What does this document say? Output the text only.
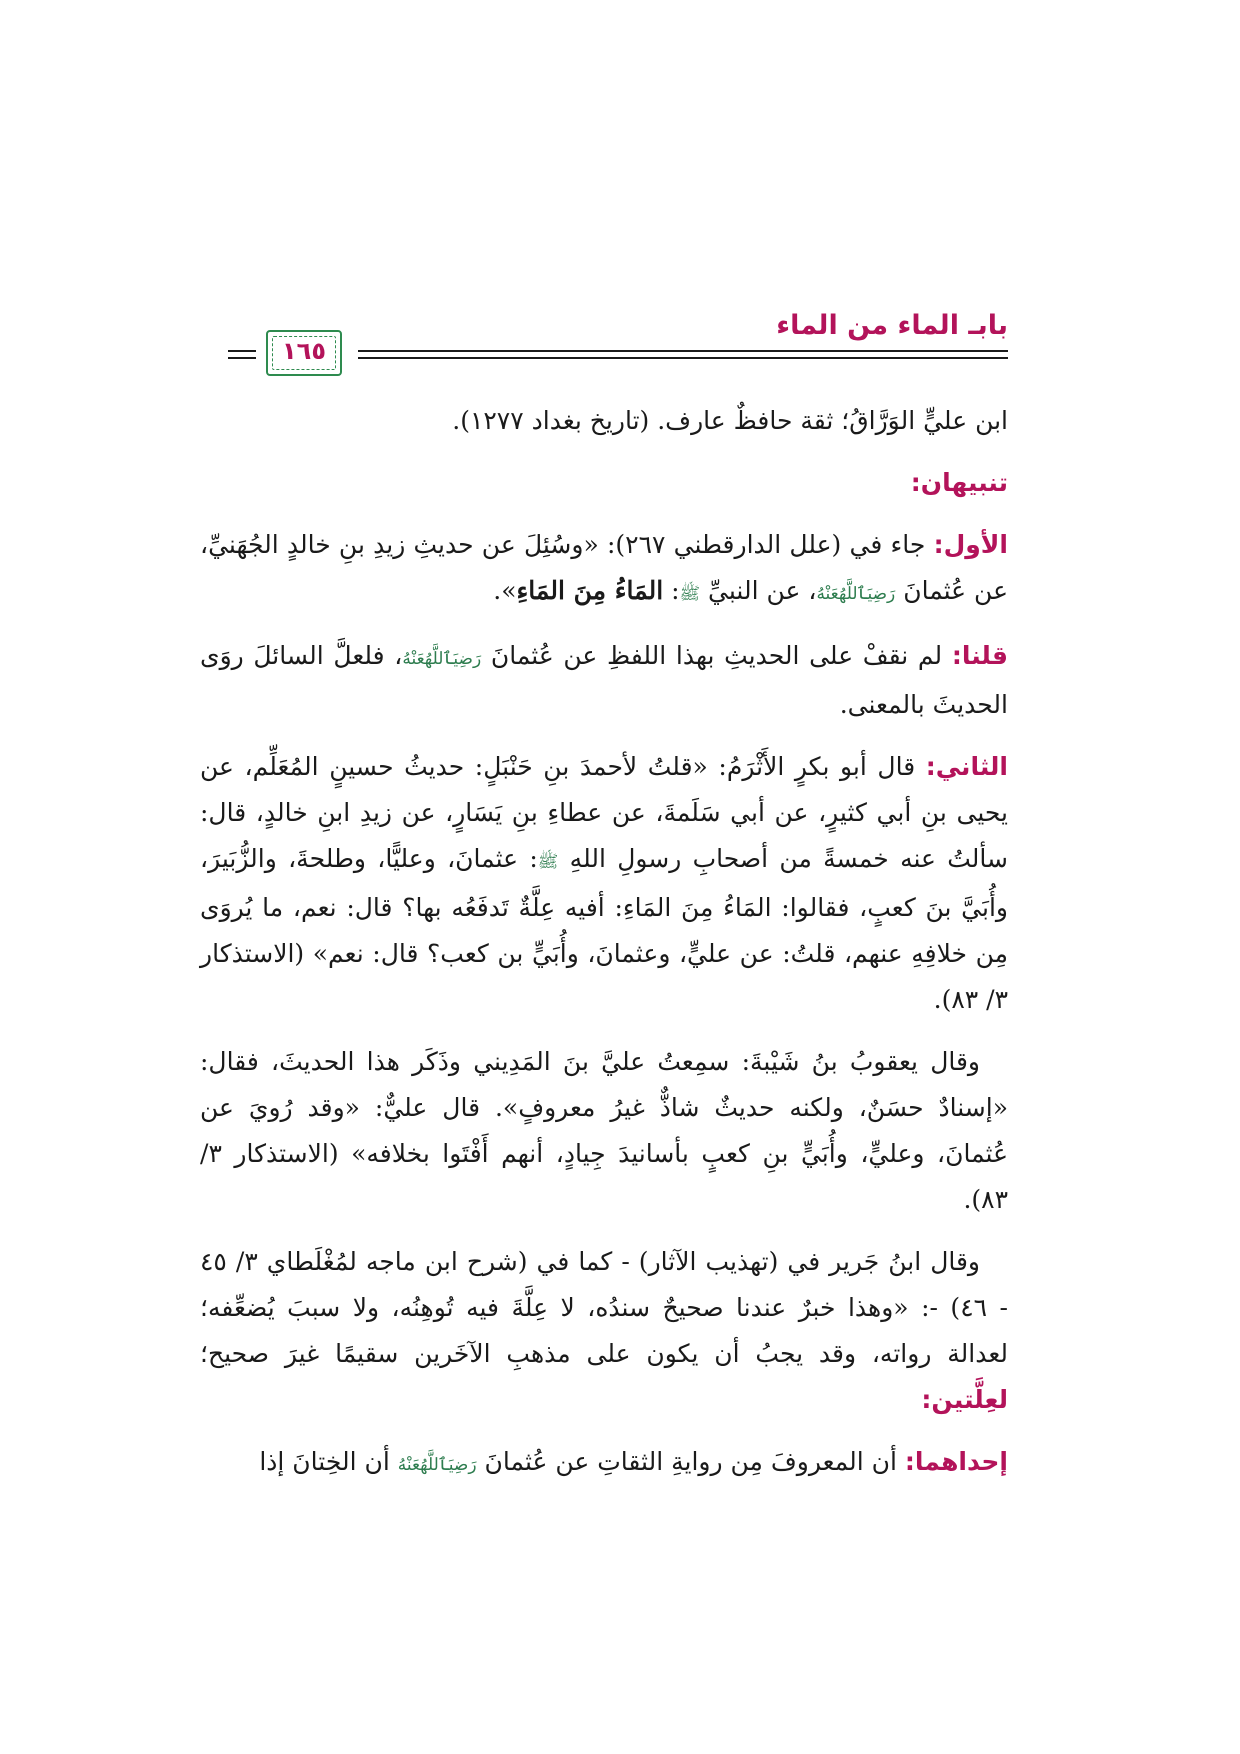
بابـ الماء من الماء
١٦٥

ابن عليٍّ الوَرَّاقُ؛ ثقة حافظٌ عارف. (تاريخ بغداد ١٢٧٧).

تنبيهان:

الأول: جاء في (علل الدارقطني ٢٦٧): «وسُئِلَ عن حديثِ زيدِ بنِ خالدٍ الجُهَنيِّ، عن عُثمانَ رَضِيَٱللَّهُعَنْهُ، عن النبيِّ ﷺ: المَاءُ مِنَ المَاءِ».

قلنا: لم نقفْ على الحديثِ بهذا اللفظِ عن عُثمانَ رَضِيَٱللَّهُعَنْهُ، فلعلَّ السائلَ روَى الحديثَ بالمعنى.

الثاني: قال أبو بكرٍ الأَثْرَمُ: «قلتُ لأحمدَ بنِ حَنْبَلٍ: حديثُ حسينٍ المُعَلِّم، عن يحيى بنِ أبي كثيرٍ، عن أبي سَلَمةَ، عن عطاءِ بنِ يَسَارٍ، عن زيدِ ابنِ خالدٍ، قال: سألتُ عنه خمسةً من أصحابِ رسولِ اللهِ ﷺ: عثمانَ، وعليًّا، وطلحةَ، والزُّبَيرَ، وأُبَيَّ بنَ كعبٍ، فقالوا: المَاءُ مِنَ المَاءِ: أفيه عِلَّةٌ تَدفَعُه بها؟ قال: نعم، ما يُروَى مِن خلافِهِ عنهم، قلتُ: عن عليٍّ، وعثمانَ، وأُبَيٍّ بن كعب؟ قال: نعم» (الاستذكار ٣/ ٨٣).

وقال يعقوبُ بنُ شَيْبةَ: سمِعتُ عليَّ بنَ المَدِيني وذَكَر هذا الحديثَ، فقال: «إسنادٌ حسَنٌ، ولكنه حديثٌ شاذٌّ غيرُ معروفٍ». قال عليٌّ: «وقد رُويَ عن عُثمانَ، وعليٍّ، وأُبَيٍّ بنِ كعبٍ بأسانيدَ جِيادٍ، أنهم أَفْتَوا بخلافه» (الاستذكار ٣/ ٨٣).

وقال ابنُ جَرير في (تهذيب الآثار) - كما في (شرح ابن ماجه لمُغْلَطاي ٣/ ٤٥ - ٤٦) -: «وهذا خبرٌ عندنا صحيحٌ سندُه، لا عِلَّةَ فيه تُوهِنُه، ولا سببَ يُضعِّفه؛ لعدالة رواته، وقد يجبُ أن يكون على مذهبِ الآخَرين سقيمًا غيرَ صحيح؛ لعِلَّتين:

إحداهما: أن المعروفَ مِن روايةِ الثقاتِ عن عُثمانَ رَضِيَٱللَّهُعَنْهُ أن الخِتانَ إذا
